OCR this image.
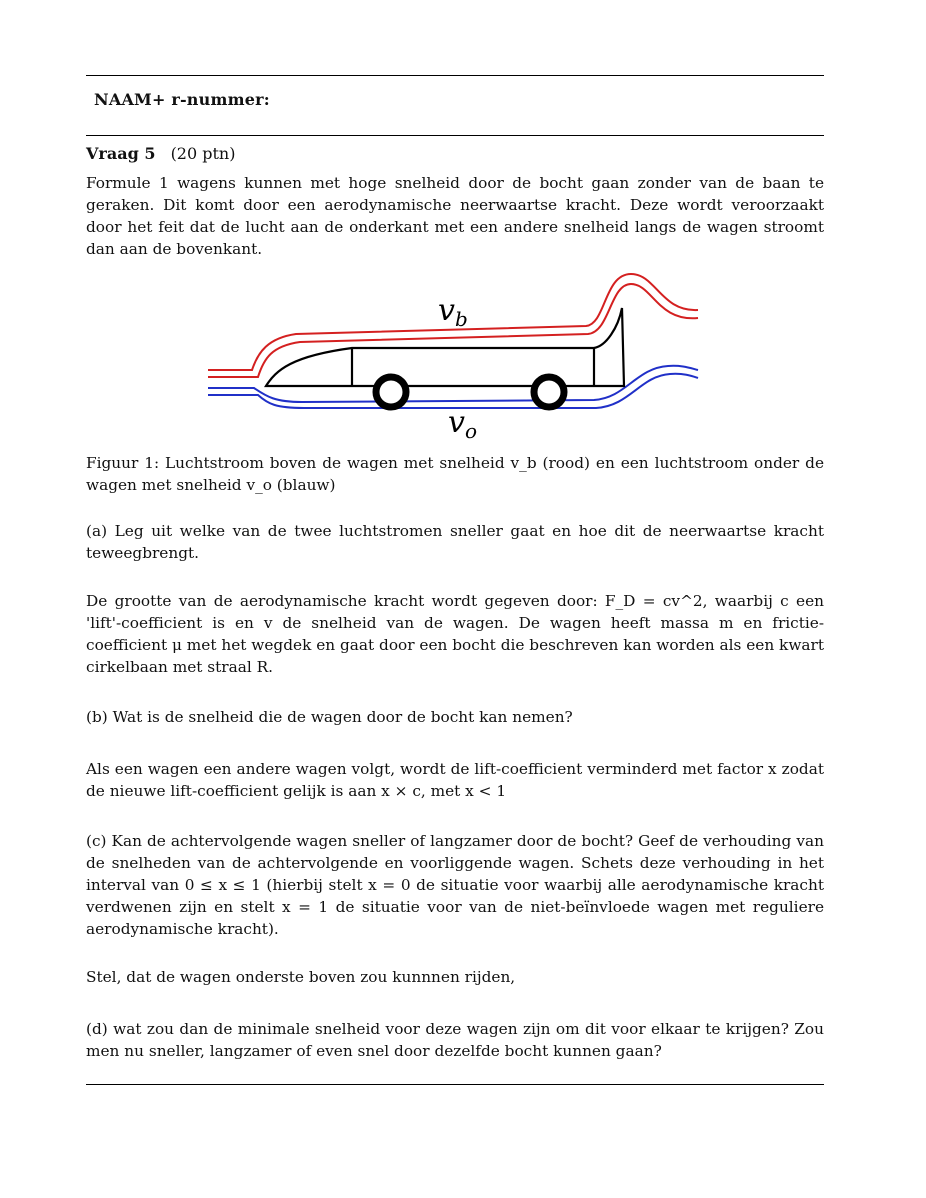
NAAM+ r-nummer:
Vraag 5 (20 ptn)
Formule 1 wagens kunnen met hoge snelheid door de bocht gaan zonder van de baan te geraken. Dit komt door een aerodynamische neerwaartse kracht. Deze wordt veroorzaakt door het feit dat de lucht aan de onderkant met een andere snelheid langs de wagen stroomt dan aan de bovenkant.
$v_b$
$v_o$
Figuur 1: Luchtstroom boven de wagen met snelheid v_b (rood) en een luchtstroom onder de wagen met snelheid v_o (blauw)
(a) Leg uit welke van de twee luchtstromen sneller gaat en hoe dit de neerwaartse kracht teweegbrengt.
De grootte van de aerodynamische kracht wordt gegeven door: F_D = cv^2, waarbij c een 'lift'-coefficient is en v de snelheid van de wagen. De wagen heeft massa m en frictie-coefficient μ met het wegdek en gaat door een bocht die beschreven kan worden als een kwart cirkelbaan met straal R.
(b) Wat is de snelheid die de wagen door de bocht kan nemen?
Als een wagen een andere wagen volgt, wordt de lift-coefficient verminderd met factor x zodat de nieuwe lift-coefficient gelijk is aan x × c, met x < 1
(c) Kan de achtervolgende wagen sneller of langzamer door de bocht? Geef de verhouding van de snelheden van de achtervolgende en voorliggende wagen. Schets deze verhouding in het interval van 0 ≤ x ≤ 1 (hierbij stelt x = 0 de situatie voor waarbij alle aerodynamische kracht verdwenen zijn en stelt x = 1 de situatie voor van de niet-beïnvloede wagen met reguliere aerodynamische kracht).
Stel, dat de wagen onderste boven zou kunnnen rijden,
(d) wat zou dan de minimale snelheid voor deze wagen zijn om dit voor elkaar te krijgen? Zou men nu sneller, langzamer of even snel door dezelfde bocht kunnen gaan?
